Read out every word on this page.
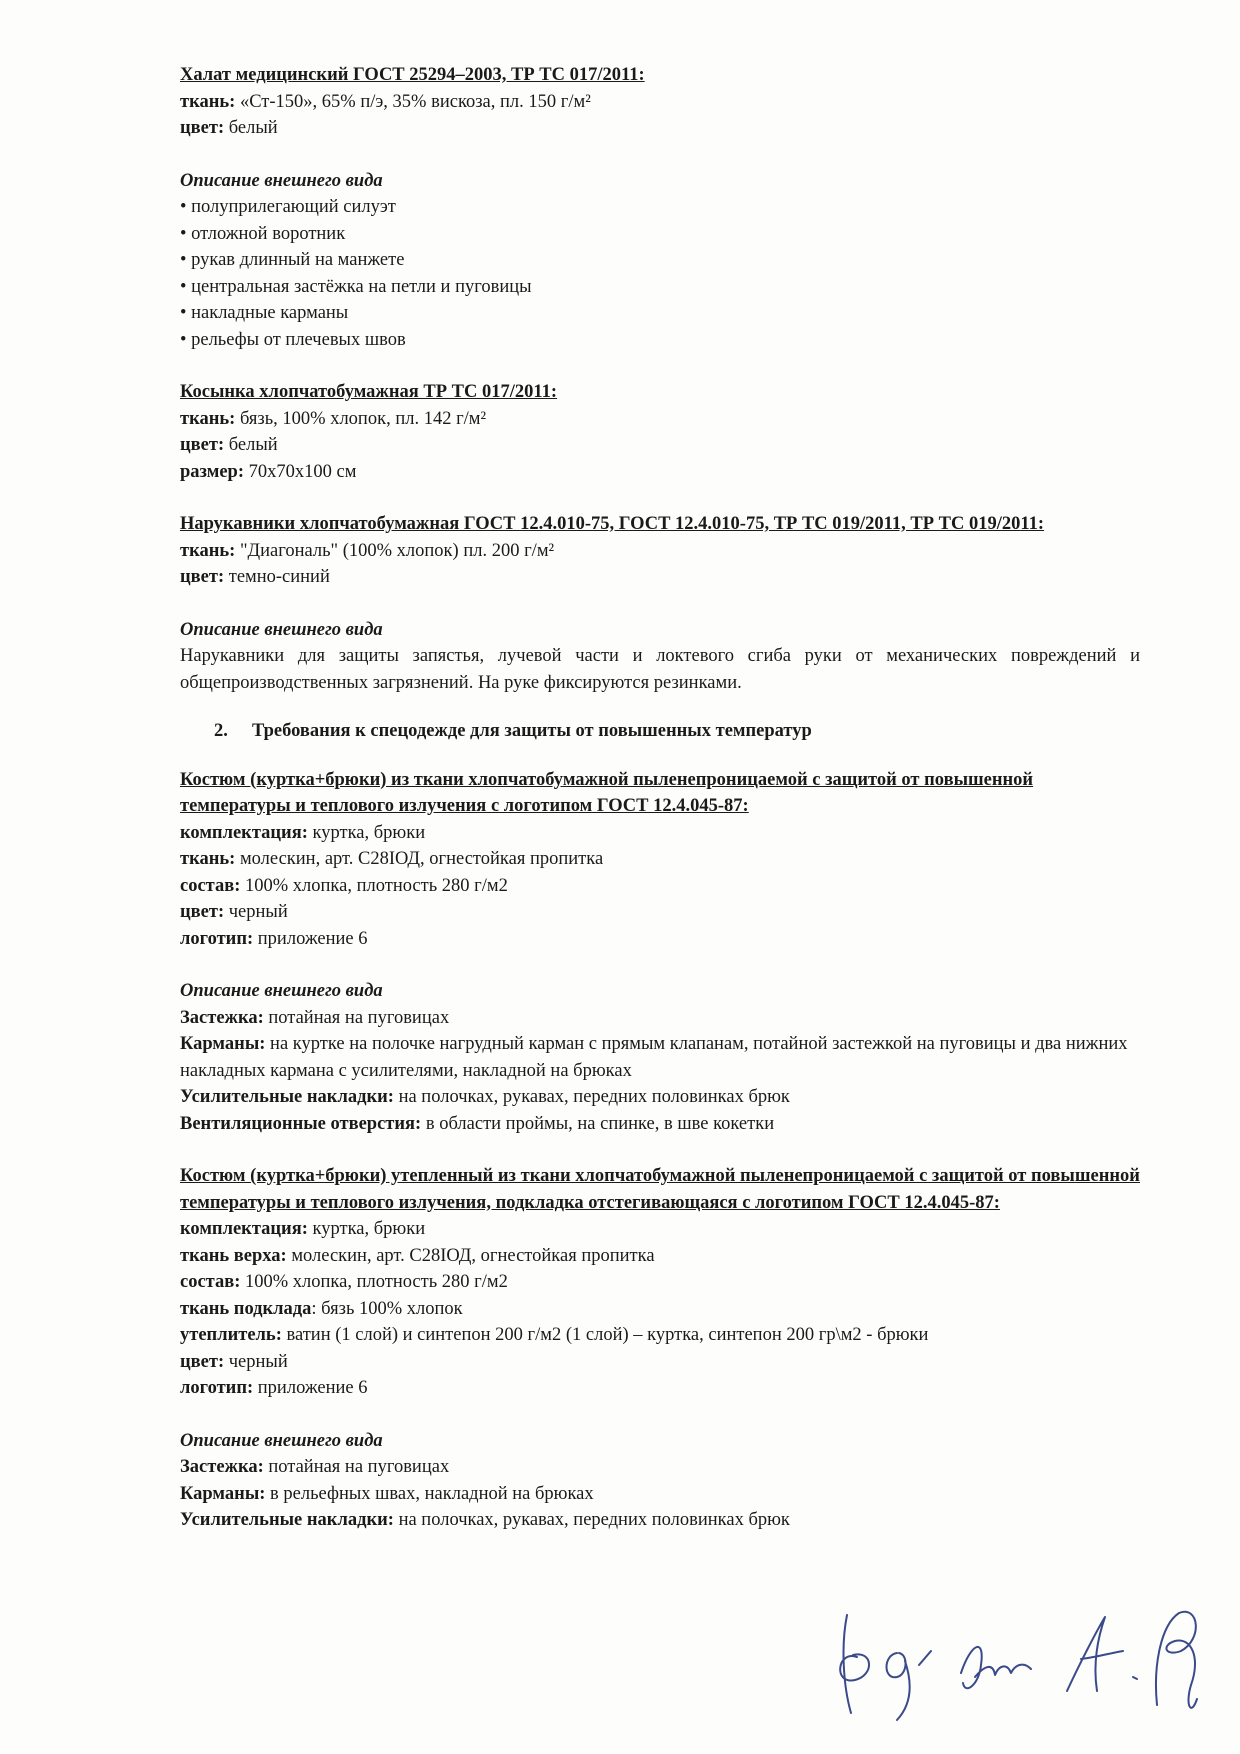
Халат медицинский ГОСТ 25294–2003, ТР ТС 017/2011:
ткань: «Ст-150», 65% п/э, 35% вискоза, пл. 150 г/м²
цвет: белый
Описание внешнего вида
• полуприлегающий силуэт
• отложной воротник
• рукав длинный на манжете
• центральная застёжка на петли и пуговицы
• накладные карманы
• рельефы от плечевых швов
Косынка хлопчатобумажная ТР ТС 017/2011:
ткань: бязь, 100% хлопок, пл. 142 г/м²
цвет: белый
размер: 70х70х100 см
Нарукавники хлопчатобумажная ГОСТ 12.4.010-75, ГОСТ 12.4.010-75, ТР ТС 019/2011, ТР ТС 019/2011:
ткань: "Диагональ" (100% хлопок) пл. 200 г/м²
цвет: темно-синий
Описание внешнего вида
Нарукавники для защиты запястья, лучевой части и локтевого сгиба руки от механических повреждений и общепроизводственных загрязнений. На руке фиксируются резинками.
2. Требования к спецодежде для защиты от повышенных температур
Костюм (куртка+брюки) из ткани хлопчатобумажной пыленепроницаемой с защитой от повышенной температуры и теплового излучения с логотипом ГОСТ 12.4.045-87:
комплектация: куртка, брюки
ткань: молескин, арт. С28ІОД, огнестойкая пропитка
состав: 100% хлопка, плотность 280 г/м2
цвет: черный
логотип: приложение 6
Описание внешнего вида
Застежка: потайная на пуговицах
Карманы: на куртке на полочке нагрудный карман с прямым клапанам, потайной застежкой на пуговицы и два нижних накладных кармана с усилителями, накладной на брюках
Усилительные накладки: на полочках, рукавах, передних половинках брюк
Вентиляционные отверстия: в области проймы, на спинке, в шве кокетки
Костюм (куртка+брюки) утепленный из ткани хлопчатобумажной пыленепроницаемой с защитой от повышенной температуры и теплового излучения, подкладка отстегивающаяся с логотипом ГОСТ 12.4.045-87:
комплектация: куртка, брюки
ткань верха: молескин, арт. С28ІОД, огнестойкая пропитка
состав: 100% хлопка, плотность 280 г/м2
ткань подклада: бязь 100% хлопок
утеплитель: ватин (1 слой) и синтепон 200 г/м2 (1 слой) – куртка, синтепон 200 гр\м2 - брюки
цвет: черный
логотип: приложение 6
Описание внешнего вида
Застежка: потайная на пуговицах
Карманы: в рельефных швах, накладной на брюках
Усилительные накладки: на полочках, рукавах, передних половинках брюк
